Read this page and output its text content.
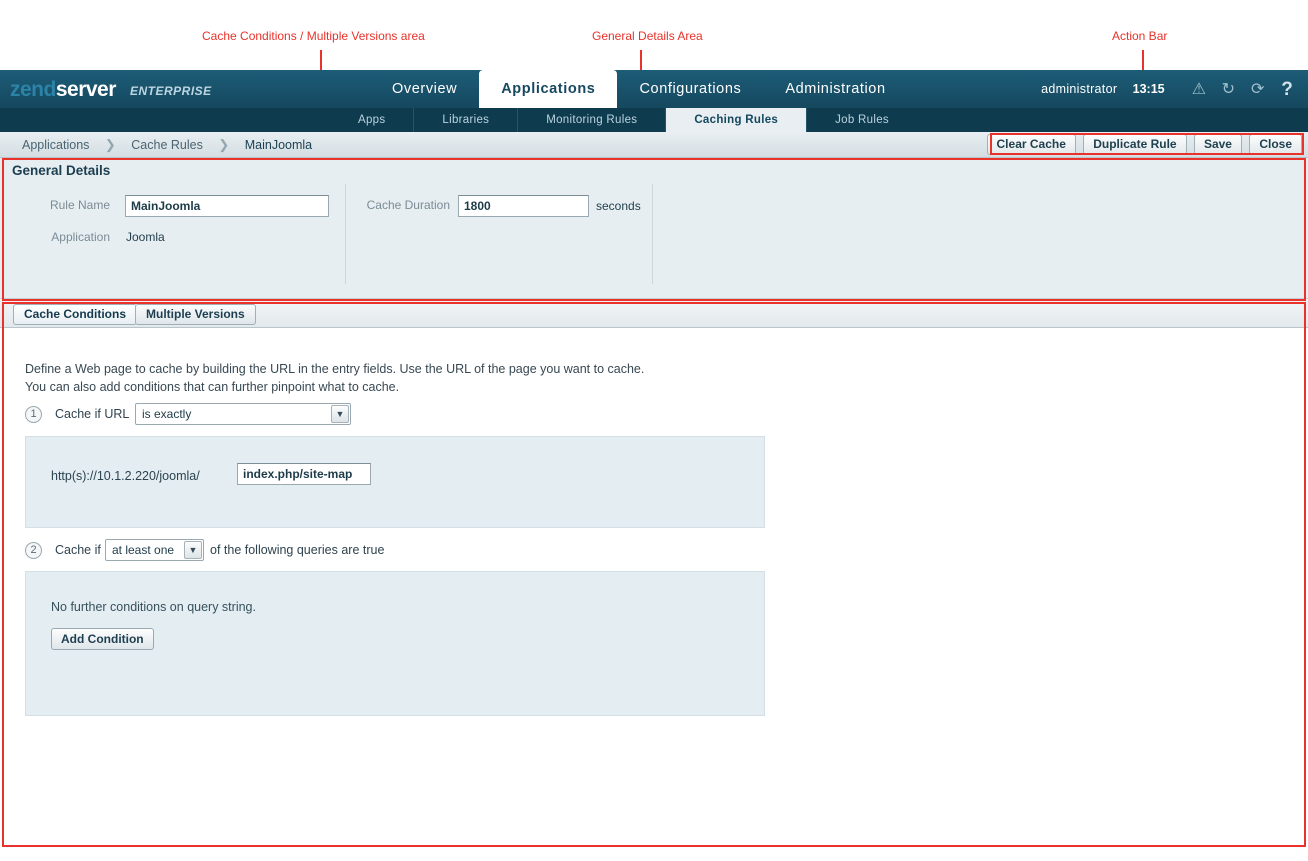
Cache Conditions / Multiple Versions area	General Details Area	Action Bar
zendserver ENTERPRISE	Overview	Applications	Configurations	Administration	administrator 13:15 ⚠ ↻ ⟳ ?
Apps	Libraries	Monitoring Rules	Caching Rules	Job Rules
Applications ❯ Cache Rules ❯ MainJoomla	Clear Cache Duplicate Rule Save Close
General Details
Rule Name	MainJoomla
Application Joomla
Cache Duration	1800	seconds
Cache Conditions	Multiple Versions
Define a Web page to cache by building the URL in the entry fields. Use the URL of the page you want to cache.
You can also add conditions that can further pinpoint what to cache.
1	Cache if URL	is exactly	▼
http(s)://10.1.2.220/joomla/	index.php/site-map
2	Cache if at least one	▼	of the following queries are true
No further conditions on query string.
Add Condition
